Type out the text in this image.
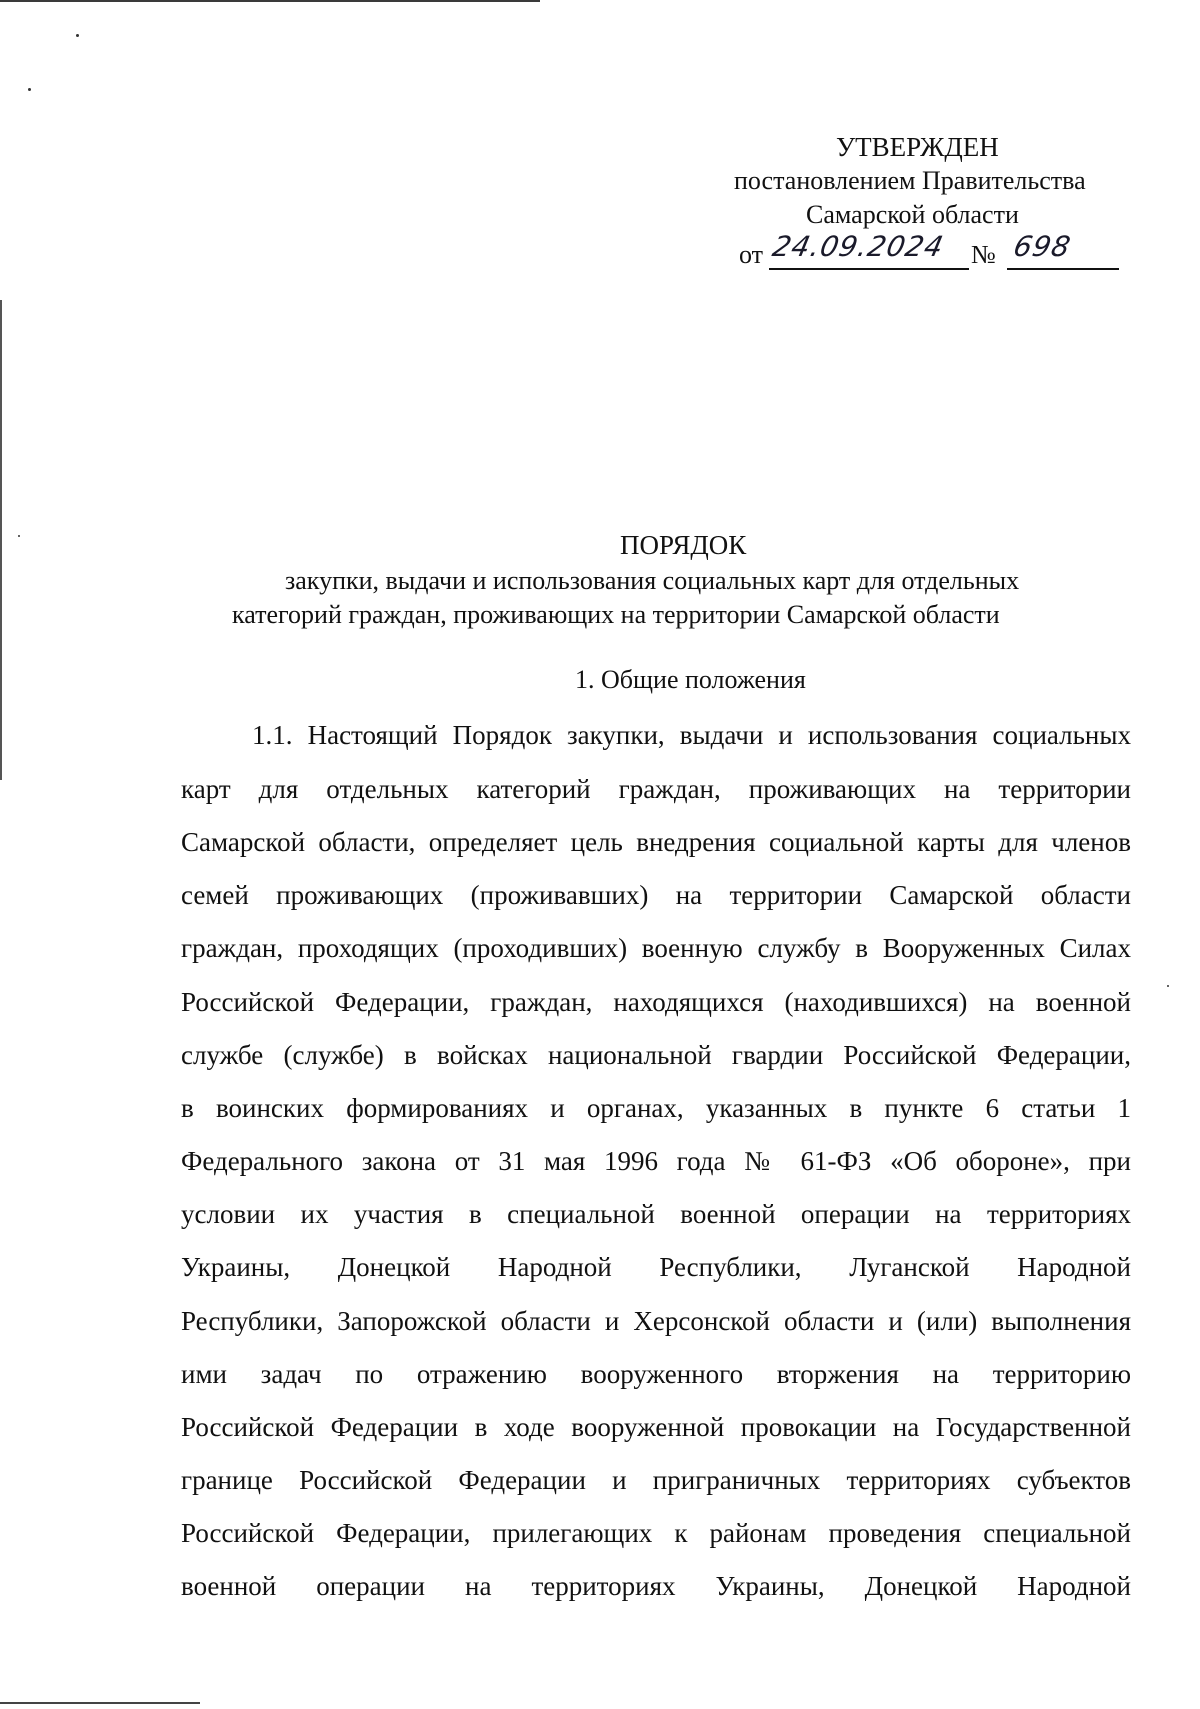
УТВЕРЖДЕН
постановлением Правительства
Самарской области
от 24.09.2024 № 698
ПОРЯДОК
закупки, выдачи и использования социальных карт для отдельных
категорий граждан, проживающих на территории Самарской области
1. Общие положения
1.1. Настоящий Порядок закупки, выдачи и использования социальных
карт для отдельных категорий граждан, проживающих на территории
Самарской области, определяет цель внедрения социальной карты для членов
семей проживающих (проживавших) на территории Самарской области
граждан, проходящих (проходивших) военную службу в Вооруженных Силах
Российской Федерации, граждан, находящихся (находившихся) на военной
службе (службе) в войсках национальной гвардии Российской Федерации,
в воинских формированиях и органах, указанных в пункте 6 статьи 1
Федерального закона от 31 мая 1996 года № 61-ФЗ «Об обороне», при
условии их участия в специальной военной операции на территориях
Украины, Донецкой Народной Республики, Луганской Народной
Республики, Запорожской области и Херсонской области и (или) выполнения
ими задач по отражению вооруженного вторжения на территорию
Российской Федерации в ходе вооруженной провокации на Государственной
границе Российской Федерации и приграничных территориях субъектов
Российской Федерации, прилегающих к районам проведения специальной
военной операции на территориях Украины, Донецкой Народной
